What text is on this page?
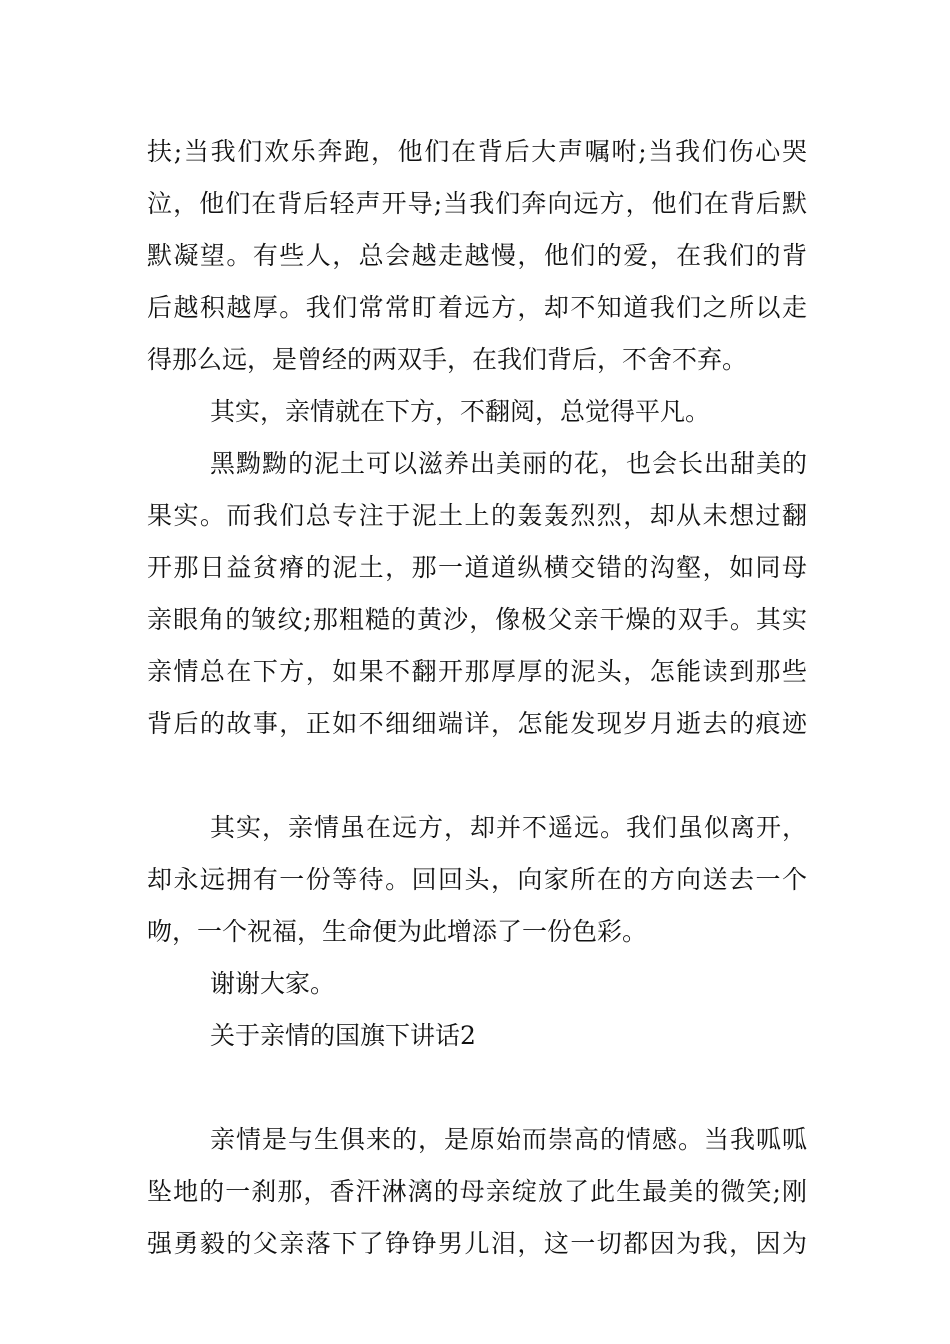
扶;当我们欢乐奔跑，他们在背后大声嘱咐;当我们伤心哭
泣，他们在背后轻声开导;当我们奔向远方，他们在背后默
默凝望。有些人，总会越走越慢，他们的爱，在我们的背
后越积越厚。我们常常盯着远方，却不知道我们之所以走
得那么远，是曾经的两双手，在我们背后，不舍不弃。
其实，亲情就在下方，不翻阅，总觉得平凡。
黑黝黝的泥土可以滋养出美丽的花，也会长出甜美的
果实。而我们总专注于泥土上的轰轰烈烈，却从未想过翻
开那日益贫瘠的泥土，那一道道纵横交错的沟壑，如同母
亲眼角的皱纹;那粗糙的黄沙，像极父亲干燥的双手。其实
亲情总在下方，如果不翻开那厚厚的泥头，怎能读到那些
背后的故事，正如不细细端详，怎能发现岁月逝去的痕迹
其实，亲情虽在远方，却并不遥远。我们虽似离开，
却永远拥有一份等待。回回头，向家所在的方向送去一个
吻，一个祝福，生命便为此增添了一份色彩。
谢谢大家。
关于亲情的国旗下讲话2
亲情是与生俱来的，是原始而崇高的情感。当我呱呱
坠地的一刹那，香汗淋漓的母亲绽放了此生最美的微笑;刚
强勇毅的父亲落下了铮铮男儿泪，这一切都因为我，因为
